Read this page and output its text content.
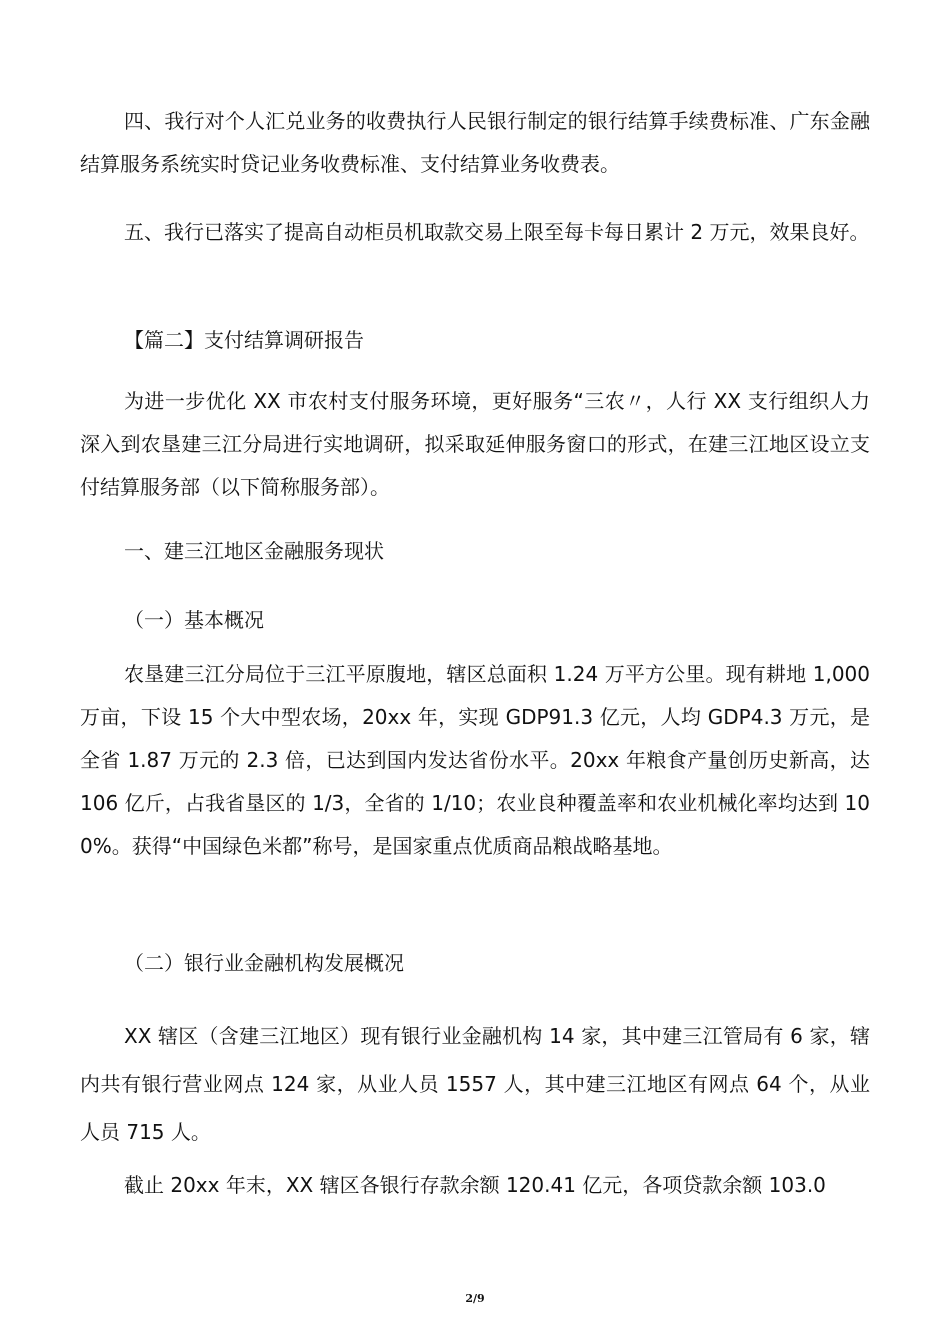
四、我行对个人汇兑业务的收费执行人民银行制定的银行结算手续费标准、广东金融结算服务系统实时贷记业务收费标准、支付结算业务收费表。

五、我行已落实了提高自动柜员机取款交易上限至每卡每日累计 2 万元，效果良好。

【篇二】支付结算调研报告

为进一步优化 XX 市农村支付服务环境，更好服务“三农〃，人行 XX 支行组织人力深入到农垦建三江分局进行实地调研，拟采取延伸服务窗口的形式，在建三江地区设立支付结算服务部（以下简称服务部）。

一、建三江地区金融服务现状

（一）基本概况

农垦建三江分局位于三江平原腹地，辖区总面积 1.24 万平方公里。现有耕地 1,000 万亩，下设 15 个大中型农场，20xx 年，实现 GDP91.3 亿元，人均 GDP4.3 万元，是全省 1.87 万元的 2.3 倍，已达到国内发达省份水平。20xx 年粮食产量创历史新高，达 106 亿斤，占我省垦区的 1/3，全省的 1/10；农业良种覆盖率和农业机械化率均达到 100%。获得“中国绿色米都”称号，是国家重点优质商品粮战略基地。

（二）银行业金融机构发展概况

XX 辖区（含建三江地区）现有银行业金融机构 14 家，其中建三江管局有 6 家，辖内共有银行营业网点 124 家，从业人员 1557 人，其中建三江地区有网点 64 个，从业人员 715 人。

截止 20xx 年末，XX 辖区各银行存款余额 120.41 亿元，各项贷款余额 103.0

2/9
